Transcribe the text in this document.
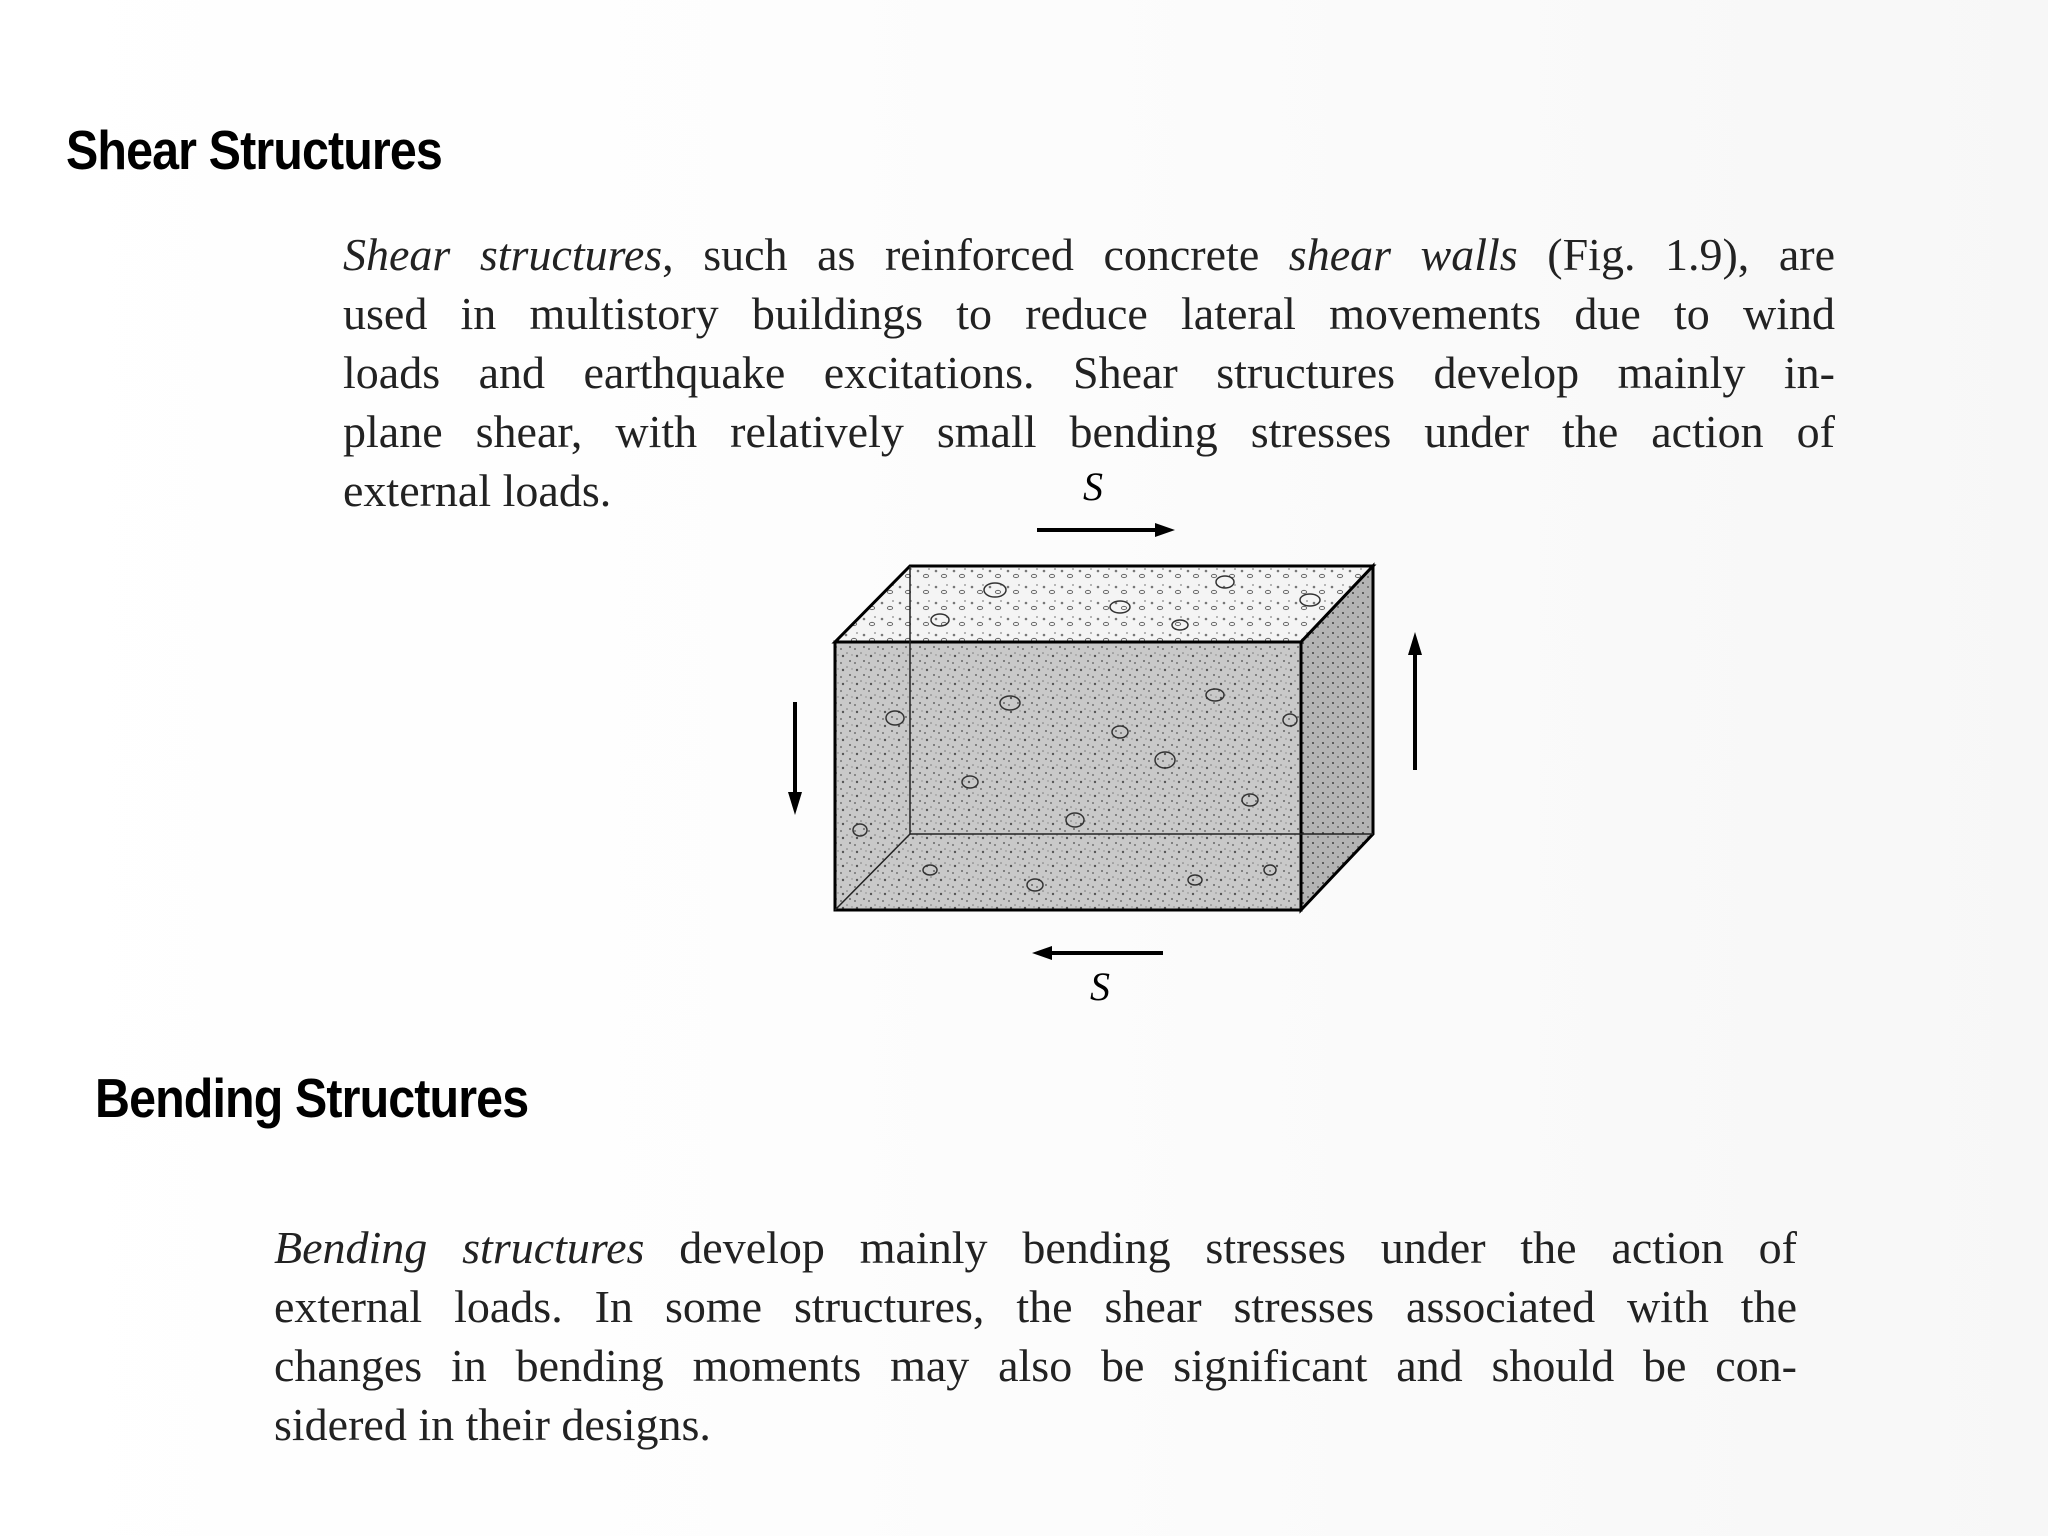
Shear Structures
Shear structures, such as reinforced concrete shear walls (Fig. 1.9), are
used in multistory buildings to reduce lateral movements due to wind
loads and earthquake excitations. Shear structures develop mainly in-
plane shear, with relatively small bending stresses under the action of
external loads.	S
S
Bending Structures
Bending structures develop mainly bending stresses under the action of
external loads. In some structures, the shear stresses associated with the
changes in bending moments may also be significant and should be con-
sidered in their designs.
